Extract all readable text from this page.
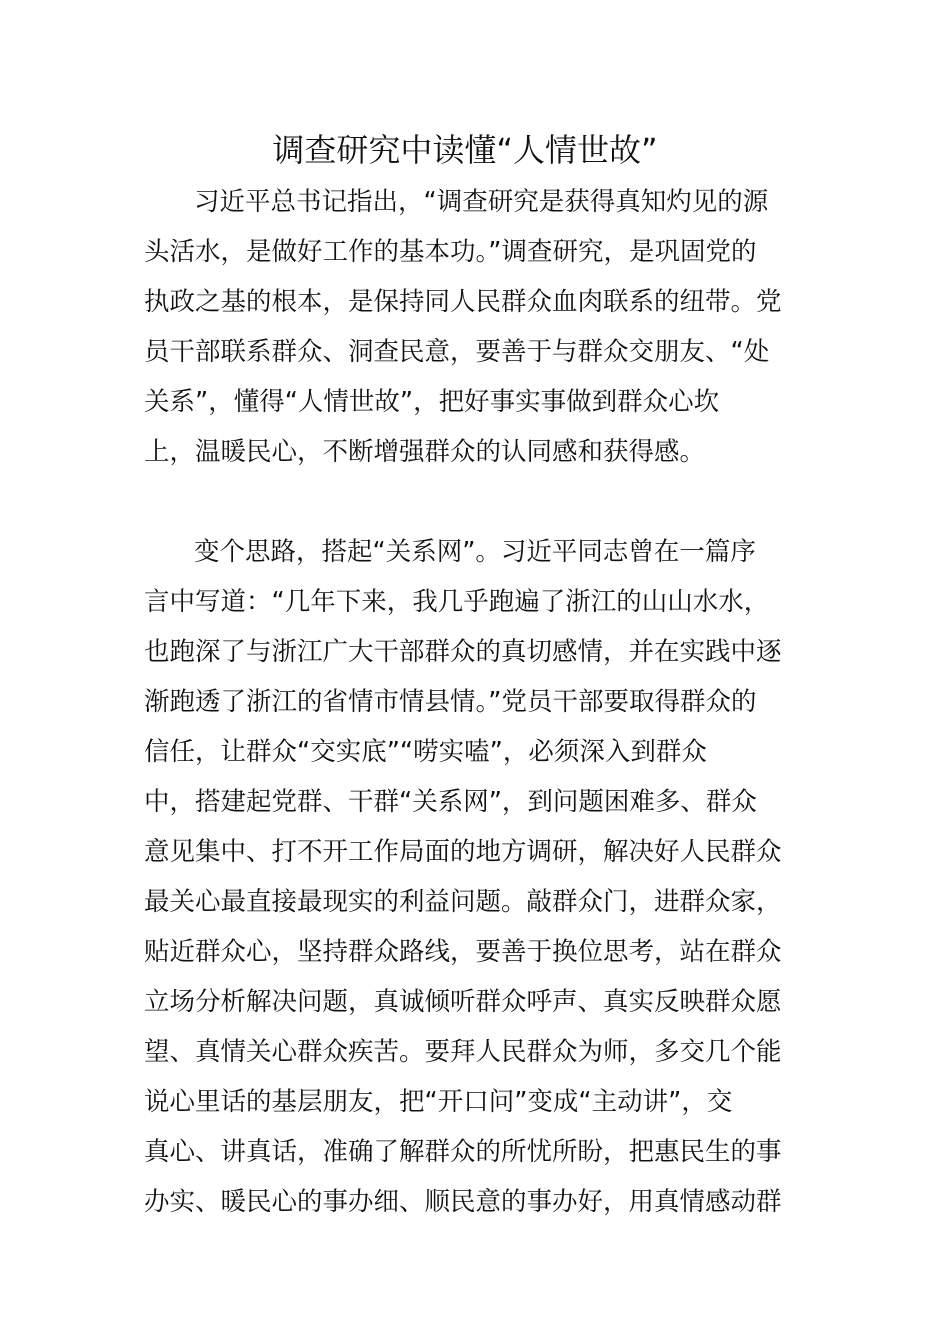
调查研究中读懂“人情世故”
习近平总书记指出，“调查研究是获得真知灼见的源
头活水，是做好工作的基本功。”调查研究，是巩固党的
执政之基的根本，是保持同人民群众血肉联系的纽带。党
员干部联系群众、洞查民意，要善于与群众交朋友、“处
关系”，懂得“人情世故”，把好事实事做到群众心坎
上，温暖民心，不断增强群众的认同感和获得感。
变个思路，搭起“关系网”。习近平同志曾在一篇序
言中写道：“几年下来，我几乎跑遍了浙江的山山水水，
也跑深了与浙江广大干部群众的真切感情，并在实践中逐
渐跑透了浙江的省情市情县情。”党员干部要取得群众的
信任，让群众“交实底”“唠实嗑”，必须深入到群众
中，搭建起党群、干群“关系网”，到问题困难多、群众
意见集中、打不开工作局面的地方调研，解决好人民群众
最关心最直接最现实的利益问题。敲群众门，进群众家，
贴近群众心，坚持群众路线，要善于换位思考，站在群众
立场分析解决问题，真诚倾听群众呼声、真实反映群众愿
望、真情关心群众疾苦。要拜人民群众为师，多交几个能
说心里话的基层朋友，把“开口问”变成“主动讲”，交
真心、讲真话，准确了解群众的所忧所盼，把惠民生的事
办实、暖民心的事办细、顺民意的事办好，用真情感动群
